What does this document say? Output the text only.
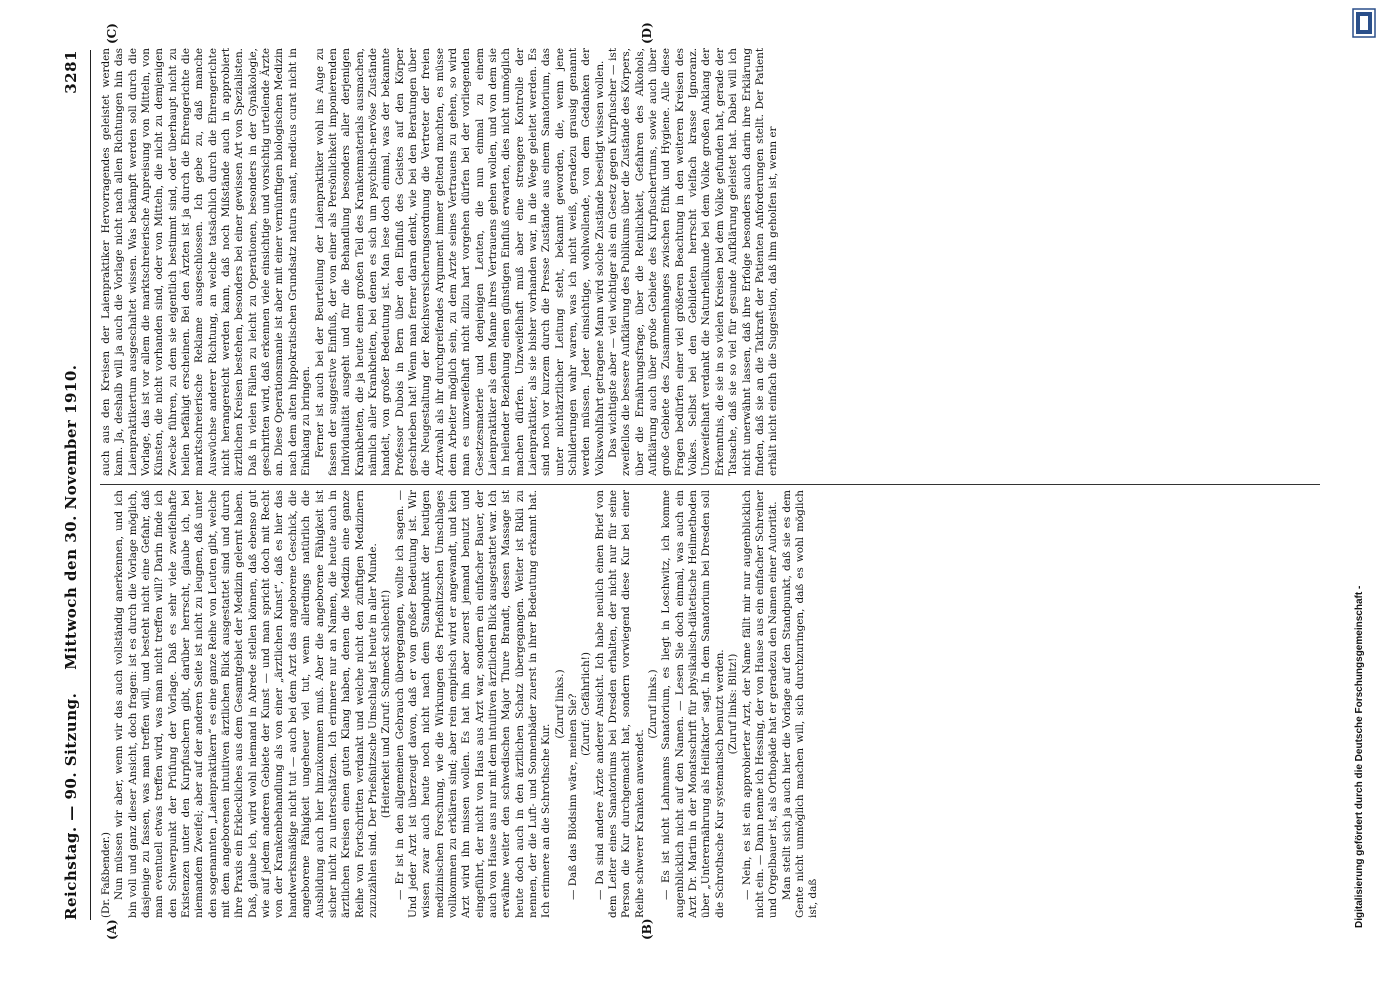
Reichstag. — 90. Sitzung.    Mittwoch den 30. November 1910.
3281
(A)	(B)
(C)	(D)

(Dr. Faßbender.) Nun müssen wir aber, wenn wir das auch vollständig anerkennen, und ich bin voll und ganz dieser Ansicht, doch fragen: ist es durch die Vorlage möglich, dasjenige zu fassen, was man treffen will, und besteht nicht eine Gefahr, daß man eventuell etwas treffen wird, was man nicht treffen will? Darin finde ich den Schwerpunkt der Prüfung der Vorlage. Daß es sehr viele zweifelhafte Existenzen unter den Kurpfuschern gibt, darüber herrscht, glaube ich, bei niemandem Zweifel; aber auf der anderen Seite ist nicht zu leugnen, daß unter den sogenannten „Laienpraktikern“ es eine ganze Reihe von Leuten gibt, welche mit dem angeborenen intuitiven ärztlichen Blick ausgestattet sind und durch ihre Praxis ein Erkleckliches aus dem Gesamtgebiet der Medizin gelernt haben. Daß, glaube ich, wird wohl niemand in Abrede stellen können, daß ebenso gut wie auf jedem anderen Gebiete der Kunst — und man spricht doch mit Recht von der Krankenbehandlung als von einer „ärztlichen Kunst“, daß es hier das handwerksmäßige nicht tut — auch bei dem Arzt das angeborene Geschick, die angeborene Fähigkeit ungeheuer viel tut, wenn allerdings natürlich die Ausbildung auch hier hinzukommen muß. Aber die angeborene Fähigkeit ist sicher nicht zu unterschätzen. Ich erinnere nur an Namen, die heute auch in ärztlichen Kreisen einen guten Klang haben, denen die Medizin eine ganze Reihe von Fortschritten verdankt und welche nicht den zünftigen Medizinern zuzuzählen sind. Der Prießnitzsche Umschlag ist heute in aller Munde. (Heiterkeit und Zuruf: Schmeckt schlecht!) — Er ist in den allgemeinen Gebrauch übergegangen, wollte ich sagen. — Und jeder Arzt ist überzeugt davon, daß er von großer Bedeutung ist. Wir wissen zwar auch heute noch nicht nach dem Standpunkt der heutigen medizinischen Forschung, wie die Wirkungen des Prießnitzschen Umschlages vollkommen zu erklären sind; aber rein empirisch wird er angewandt, und kein Arzt wird ihn missen wollen. Es hat ihn aber zuerst jemand benutzt und eingeführt, der nicht von Haus aus Arzt war, sondern ein einfacher Bauer, der auch von Hause aus nur mit dem intuitiven ärztlichen Blick ausgestattet war. Ich erwähne weiter den schwedischen Major Thure Brandt, dessen Massage ist heute doch auch in den ärztlichen Schatz übergegangen. Weiter ist Rikli zu nennen, der die Luft- und Sonnenbäder zuerst in ihrer Bedeutung erkannt hat. Ich erinnere an die Schrothsche Kur.

(Zuruf links.) — Daß das Blödsinn wäre, meinen Sie? (Zuruf: Gefährlich!) — Da sind andere Ärzte anderer Ansicht. Ich habe neulich einen Brief von dem Leiter eines Sanatoriums bei Dresden erhalten, der nicht nur für seine Person die Kur durchgemacht hat, sondern vorwiegend diese Kur bei einer Reihe schwerer Kranken anwendet.

(Zuruf links.) — Es ist nicht Lahmanns Sanatorium, es liegt in Loschwitz, ich komme augenblicklich nicht auf den Namen. — Lesen Sie doch einmal, was auch ein Arzt Dr. Martin in der Monatsschrift für physikalisch-diätetische Heilmethoden über „Unterernährung als Heilfaktor“ sagt. In dem Sanatorium bei Dresden soll die Schrothsche Kur systematisch benutzt werden. (Zuruf links: Blitz!) — Nein, es ist ein approbierter Arzt, der Name fällt mir nur augenblicklich nicht ein. — Dann nenne ich Hessing, der von Hause aus ein einfacher Schreiner und Orgelbauer ist, als Orthopäde hat er geradezu den Namen einer Autorität. Man stellt sich ja auch hier die Vorlage auf den Standpunkt, daß sie es dem Gente nicht unmöglich machen will, sich durchzuringen, daß es wohl möglich ist, daß

auch aus den Kreisen der Laienpraktiker Hervorragendes geleistet werden kann. Ja, deshalb will ja auch die Vorlage nicht nach allen Richtungen hin das Laienpraktikertum ausgeschaltet wissen. Was bekämpft werden soll durch die Vorlage, das ist vor allem die marktschreierische Anpreisung von Mitteln, von Künsten, die nicht vorhanden sind, oder von Mitteln, die nicht zu demjenigen Zwecke führen, zu dem sie eigentlich bestimmt sind, oder überhaupt nicht zu heilen befähigt erscheinen. Bei den Ärzten ist ja durch die Ehrengerichte die marktschreierische Reklame ausgeschlossen. Ich gebe zu, daß manche Auswüchse anderer Richtung, an welche tatsächlich durch die Ehrengerichte nicht herangereicht werden kann, daß noch Mißstände auch in approbiert ärztlichen Kreisen bestehen, besonders bei einer gewissen Art von Spezialisten. Daß in vielen Fällen zu leicht zu Operationen, besonders in der Gynäkologie, geschritten wird, daß erkennen viele einsichtige und vorsichtig urteilende Ärzte an. Diese Operationsmanie ist aber mit einer vernünftigen biologischen Medizin nach dem alten hippokratischen Grundsatz natura sanat, medicus curat nicht in Einklang zu bringen. Ferner ist auch bei der Beurteilung der Laienpraktiker wohl ins Auge zu fassen der suggestive Einfluß, der von einer als Persönlichkeit imponierenden Individualität ausgeht und für die Behandlung besonders aller derjenigen Krankheiten, die ja heute einen großen Teil des Krankenmaterials ausmachen, nämlich aller Krankheiten, bei denen es sich um psychisch-nervöse Zustände handelt, von großer Bedeutung ist. Man lese doch einmal, was der bekannte Professor Dubois in Bern über den Einfluß des Geistes auf den Körper geschrieben hat! Wenn man ferner daran denkt, wie bei den Beratungen über die Neugestaltung der Reichsversicherungsordnung die Vertreter der freien Arztwahl als ihr durchgreifendes Argument immer geltend machten, es müsse dem Arbeiter möglich sein, zu dem Arzte seines Vertrauens zu gehen, so wird man es unzweifelhaft nicht allzu hart vorgehen dürfen bei der vorliegenden Gesetzesmaterie und denjenigen Leuten, die nun einmal zu einem Laienpraktiker als dem Manne ihres Vertrauens gehen wollen, und von dem sie in heilender Beziehung einen günstigen Einfluß erwarten, dies nicht unmöglich machen dürfen. Unzweifelhaft muß aber eine strengere Kontrolle der Laienpraktiker, als sie bisher vorhanden war, in die Wege geleitet werden. Es sind noch vor kurzem durch die Presse Zustände aus einem Sanatorium, das unter nichtärztlicher Leitung steht, bekannt geworden, die, wenn jene Schilderungen wahr waren, was ich nicht weiß, geradezu grausig genannt werden müssen. Jeder einsichtige, wohlwollende, von dem Gedanken der Volkswohlfahrt getragene Mann wird solche Zustände beseitigt wissen wollen. Das wichtigste aber — viel wichtiger als ein Gesetz gegen Kurpfuscher — ist zweifellos die bessere Aufklärung des Publikums über die Zustände des Körpers, über die Ernährungsfrage, über die Reinlichkeit, Gefahren des Alkohols, Aufklärung auch über große Gebiete des Kurpfuschertums, sowie auch über große Gebiete des Zusammenhanges zwischen Ethik und Hygiene. Alle diese Fragen bedürfen einer viel größeren Beachtung in den weiteren Kreisen des Volkes. Selbst bei den Gebildeten herrscht vielfach krasse Ignoranz. Unzweifelhaft verdankt die Naturheilkunde bei dem Volke großen Anklang der Erkenntnis, die sie in so vielen Kreisen bei dem Volke gefunden hat, gerade der Tatsache, daß sie so viel für gesunde Aufklärung geleistet hat. Dabei will ich nicht unerwähnt lassen, daß ihre Erfolge besonders auch darin ihre Erklärung finden, daß sie an die Tatkraft der Patienten Anforderungen stellt. Der Patient erhält nicht einfach die Suggestion, daß ihm geholfen ist, wenn er

Digitalisierung gefördert durch die Deutsche Forschungsgemeinschaft -
